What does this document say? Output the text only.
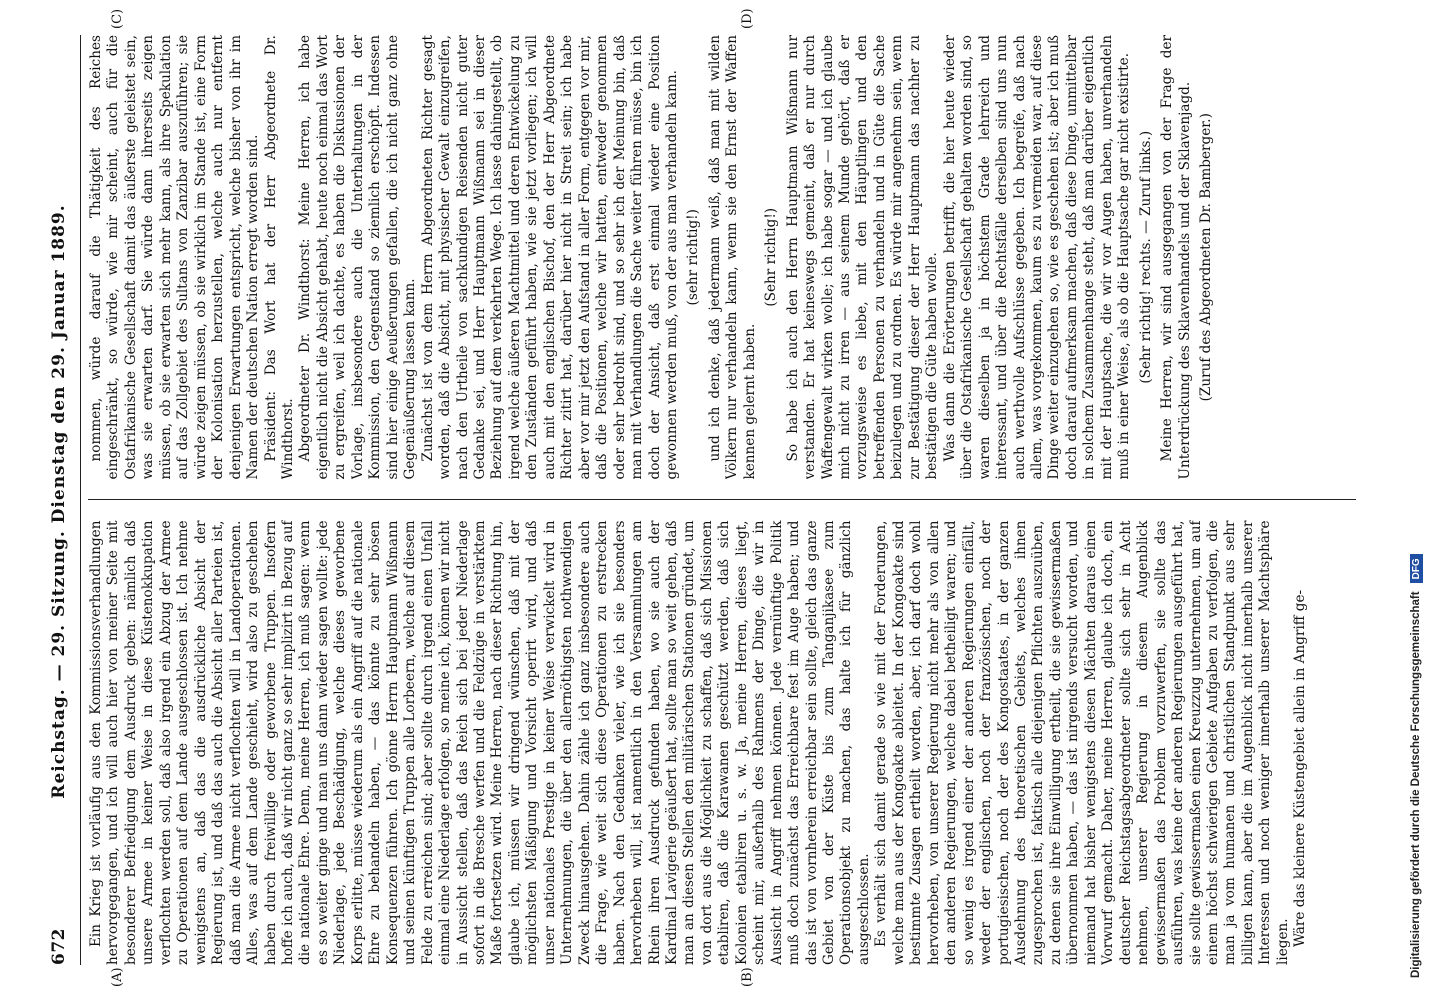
672
Reichstag. — 29. Sitzung. Dienstag den 29. Januar 1889. Ein Krieg ist vorläufig aus den Kommissionsverhandlungen hervorgegangen, und ich will auch hier von meiner Seite mit besonderer Befriedigung dem Ausdruck geben: nämlich daß unsere Armee in keiner Weise in diese Küstenokkupation verflochten werden soll, daß also irgend ein Abzug der Armee zu Operationen auf dem Lande ausgeschlossen ist. Ich nehme wenigstens an, daß das die ausdrückliche Absicht der Regierung ist, und daß das auch die Absicht aller Parteien ist, daß man die Armee nicht verflochten will in Landoperationen. Alles, was auf dem Lande geschieht, wird also zu geschehen haben durch freiwillige oder geworbene Truppen. Insofern hoffe ich auch, daß wir nicht ganz so sehr implizirt in Bezug auf die nationale Ehre. Denn, meine Herren, ich muß sagen: wenn es so weiter ginge und man uns dann wieder sagen wollte: jede Niederlage, jede Beschädigung, welche dieses geworbene Korps erlitte, müsse wiederum als ein Angriff auf die nationale Ehre zu behandeln haben, — das könnte zu sehr bösen Konsequenzen führen. Ich gönne Herrn Hauptmann Wißmann und seinen künftigen Truppen alle Lorbeern, welche auf diesem Felde zu erreichen sind; aber sollte durch irgend einen Unfall einmal eine Niederlage erfolgen, so meine ich, können wir nicht in Aussicht stellen, daß das Reich sich bei jeder Niederlage sofort in die Bresche werfen und die Feldzüge in verstärktem Maße fortsetzen wird. Meine Herren, nach dieser Richtung hin, glaube ich, müssen wir dringend wünschen, daß mit der möglichsten Mäßigung und Vorsicht operirt wird, und daß unser nationales Prestige in keiner Weise verwickelt wird in Unternehmungen, die über den allernöthigsten nothwendigen Zweck hinausgehen. Dahin zähle ich ganz insbesondere auch die Frage, wie weit sich diese Operationen zu erstrecken haben. Nach den Gedanken vieler, wie ich sie besonders hervorheben will, ist namentlich in den Versammlungen am Rhein ihren Ausdruck gefunden haben, wo sie auch der Kardinal Lavigerie geäußert hat, sollte man so weit gehen, daß man an diesen Stellen den militärischen Stationen gründet, um von dort aus die Möglichkeit zu schaffen, daß sich Missionen etabliren, daß die Karawanen geschützt werden, daß sich Kolonien etabliren u. s. w. Ja, meine Herren, dieses liegt, scheint mir, außerhalb des Rahmens der Dinge, die wir in Aussicht in Angriff nehmen können. Jede vernünftige Politik muß doch zunächst das Erreichbare fest im Auge haben; und das ist von vornherein erreichbar sein sollte, gleich das ganze Gebiet von der Küste bis zum Tanganjikasee zum Operationsobjekt zu machen, das halte ich für gänzlich ausgeschlossen. Es verhält sich damit gerade so wie mit der Forderungen, welche man aus der Kongoakte ableitet. In der Kongoakte sind bestimmte Zusagen ertheilt worden, aber, ich darf doch wohl hervorheben, von unserer Regierung nicht mehr als von allen den anderen Regierungen, welche dabei betheiligt waren; und so wenig es irgend einer der anderen Regierungen einfällt, weder der englischen, noch der französischen, noch der portugiesischen, noch der des Kongostaates, in der ganzen Ausdehnung des theoretischen Gebiets, welches ihnen zugesprochen ist, faktisch alle diejenigen Pflichten auszuüben, zu denen sie ihre Einwilligung ertheilt, die sie gewissermaßen übernommen haben, — das ist nirgends versucht worden, und niemand hat bisher wenigstens diesen Mächten daraus einen Vorwurf gemacht. Daher, meine Herren, glaube ich doch, ein deutscher Reichstagsabgeordneter sollte sich sehr in Acht nehmen, unserer Regierung in diesem Augenblick gewissermaßen das Problem vorzuwerfen, sie sollte das ausführen, was keine der anderen Regierungen ausgeführt hat, sie sollte gewissermaßen einen Kreuzzug unternehmen, um auf einem höchst schwierigen Gebiete Aufgaben zu verfolgen, die man ja vom humanen und christlichen Standpunkt aus sehr billigen kann, aber die im Augenblick nicht innerhalb unserer Interessen und noch weniger innerhalb unserer Machtsphäre liegen. Wäre das kleinere Küstengebiet allein in Angriff ge-

nommen, würde darauf die Thätigkeit des Reiches eingeschränkt, so würde, wie mir scheint, auch für die Ostafrikanische Gesellschaft damit das äußerste geleistet sein, was sie erwarten darf. Sie würde dann ihrerseits zeigen müssen, ob sie erwarten sich mehr kann, als ihre Spekulation auf das Zollgebiet des Sultans von Zanzibar auszuführen; sie würde zeigen müssen, ob sie wirklich im Stande ist, eine Form der Kolonisation herzustellen, welche auch nur entfernt denjenigen Erwartungen entspricht, welche bisher von ihr im Namen der deutschen Nation erregt worden sind. Präsident: Das Wort hat der Herr Abgeordnete Dr. Windthorst. Abgeordneter Dr. Windthorst: Meine Herren, ich habe eigentlich nicht die Absicht gehabt, heute noch einmal das Wort zu ergreifen, weil ich dachte, es haben die Diskussionen der Vorlage, insbesondere auch die Unterhaltungen in der Kommission, den Gegenstand so ziemlich erschöpft. Indessen sind hier einige Aeußerungen gefallen, die ich nicht ganz ohne Gegenäußerung lassen kann. Zunächst ist von dem Herrn Abgeordneten Richter gesagt worden, daß die Absicht, mit physischer Gewalt einzugreifen, nach den Urtheile von sachkundigen Reisenden nicht guter Gedanke sei, und Herr Hauptmann Wißmann sei in dieser Beziehung auf dem verkehrten Wege. Ich lasse dahingestellt, ob irgend welche äußeren Machtmittel und deren Entwickelung zu den Zuständen geführt haben, wie sie jetzt vorliegen; ich will auch mit den englischen Bischof, den der Herr Abgeordnete Richter zitirt hat, darüber hier nicht in Streit sein; ich habe aber vor mir jetzt den Aufstand in aller Form, entgegen vor mir, daß die Positionen, welche wir hatten, entweder genommen oder sehr bedroht sind, und so sehr ich der Meinung bin, daß man mit Verhandlungen die Sache weiter führen müsse, bin ich doch der Ansicht, daß erst einmal wieder eine Position gewonnen werden muß, von der aus man verhandeln kann. (sehr richtig!) und ich denke, daß jedermann weiß, daß man mit wilden Völkern nur verhandeln kann, wenn sie den Ernst der Waffen kennen gelernt haben.

(Sehr richtig!) So habe ich auch den Herrn Hauptmann Wißmann nur verstanden. Er hat keineswegs gemeint, daß er nur durch Waffengewalt wirken wolle; ich habe sogar — und ich glaube mich nicht zu irren — aus seinem Munde gehört, daß er vorzugsweise es liebe, mit den Häuptlingen und den betreffenden Personen zu verhandeln und in Güte die Sache beizulegen und zu ordnen. Es würde mir angenehm sein, wenn zur Bestätigung dieser der Herr Hauptmann das nachher zu bestätigen die Güte haben wolle. Was dann die Erörterungen betrifft, die hier heute wieder über die Ostafrikanische Gesellschaft gehalten worden sind, so waren dieselben ja in höchstem Grade lehrreich und interessant, und über die Rechtsfälle derselben sind uns nun auch werthvolle Aufschlüsse gegeben. Ich begreife, daß nach allem, was vorgekommen, kaum es zu vermeiden war, auf diese Dinge weiter einzugehen so, wie es geschehen ist; aber ich muß doch darauf aufmerksam machen, daß diese Dinge, unmittelbar in solchem Zusammenhange steht, daß man darüber eigentlich mit der Hauptsache, die wir vor Augen haben, unverhandeln muß in einer Weise, als ob die Hauptsache gar nicht existirte. (Sehr richtig! rechts. — Zuruf links.) Meine Herren, wir sind ausgegangen von der Frage der Unterdrückung des Sklavenhandels und der Sklavenjagd. (Zuruf des Abgeordneten Dr. Bamberger.)

(A)	(B)
(C)	(D)
Digitalisierung gefördert durch die Deutsche Forschungsgemeinschaft
DFG
